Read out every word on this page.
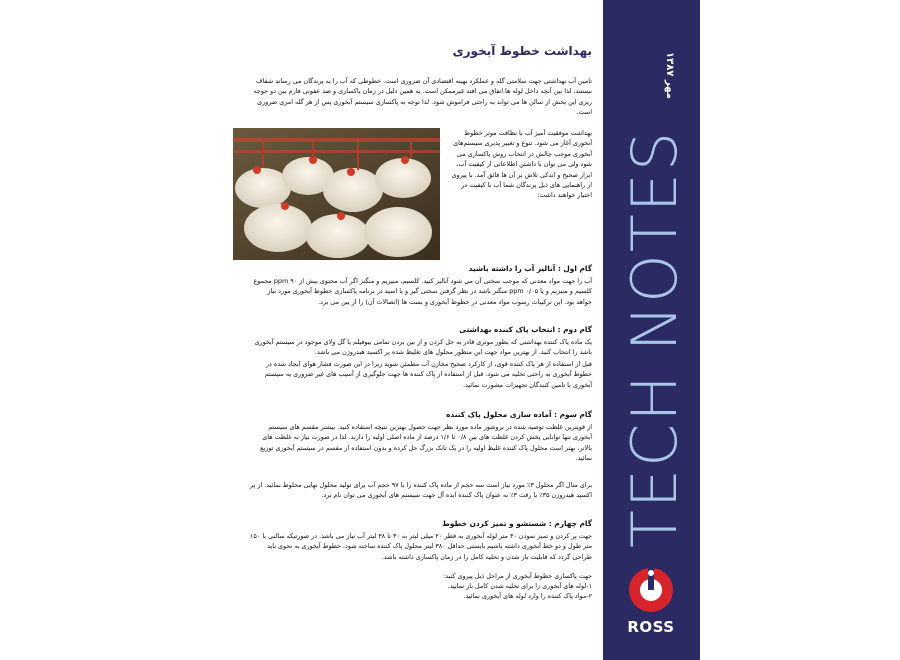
بهداشت خطوط آبخوری

تامین آب بهداشتی جهت سلامتی گله و عملکرد بهینه اقتصادی آن ضروری است. خطوطی که آب را به پرندگان می رساند شفاف نیستند، لذا بین آنچه داخل لوله ها اتفاق می افتد غیرممکن است. به همین دلیل در زمان پاکسازی و ضد عفونی فارم بین دو جوجه ریزی این بخش از سالن ها می تواند به راحتی فراموش شود. لذا توجه به پاکسازی سیستم آبخوری پس از هر گله امری ضروری است.

بهداشت موفقیت آمیز آب با نظافت موثر خطوط آبخوری آغاز می شود. تنوع و تغییر پذیری سیستم‌های آبخوری موجب چالش در انتخاب روش پاکسازی می شود ولی می توان با داشتن اطلاعاتی از کیفیت آب، ابزار صحیح و اندکی تلاش بر آن ها فائق آمد. با پیروی از راهنمایی های ذیل پرندگان شما آب با کیفیت در اختیار خواهند داشت:

گام اول : آنالیز آب را داشته باشید

آب را جهت مواد معدنی که موجب سختی آن می شود آنالیز کنید. کلسیم، منیزیم و منگنز اگر آب محتوی بیش از ۹۰ ppm مجموع کلسیم و منیزیم و یا ۰/۰۵ ppm منگنز باشد در نظر گرفتن سختی گیر و یا اسید در برنامه پاکسازی خطوط آبخوری مورد نیاز خواهد بود. این ترکیبات رسوب مواد معدنی در خطوط آبخوری و بست ها (اتصالات آن) را از بین می برد.

گام دوم : انتخاب پاک کننده بهداشتی

یک ماده پاک کننده بهداشتی که بطور موثری قادر به حل کردن و از بین بردن تمامی بیوفیلم یا گل ولای موجود در سیستم آبخوری باشد را انتخاب کنید. از بهترین مواد جهت این منظور محلول های تغلیظ شده پر اکسید هیدروژن می باشد.

قبل از استفاده از هر پاک کننده قوی، از کارکرد صحیح مخازن آب مطمئن شوید زیرا در این صورت فشار هوای ایجاد شده در خطوط آبخوری به راحتی تخلیه می شود. قبل از استفاده از پاک کننده ها جهت جلوگیری از آسیب های غیر ضروری به سیستم آبخوری با تامین کنندگان تجهیزات مشورت نمائید.

گام سوم : آماده سازی محلول پاک کننده

از قویترین غلظت توصیه شده در بروشور ماده مورد نظر جهت حصول بهترین نتیجه استفاده کنید. بیشتر مقسم های سیستم آبخوری تنها توانایی پخش کردن غلظت های بین ۰/۸ تا ۱/۶ درصد از ماده اصلی اولیه را دارند. لذا در صورت نیاز به غلظت های بالاتر، بهتر است محلول پاک کننده غلیظ اولیه را در یک تانک بزرگ حل کرده و بدون استفاده از مقسم در سیستم آبخوری توزیع نمائید.

برای مثال اگر محلول ۳٪ مورد نیاز است سه حجم از ماده پاک کننده را با ۹۷ حجم آب برای تولید محلول نهایی مخلوط نمائید. از پر اکسید هیدروژن ۳۵٪ یا رقت ۳٪ به عنوان پاک کننده ایده آل جهت سیستم های آبخوری می توان نام برد.

گام چهارم : شستشو و تمیز کردن خطوط

جهت پر کردن و تمیز نمودن ۳۰ متر لوله آبخوری به قطر ۲۰ میلی لیتر به ۳۰ تا ۳۸ لیتر آب نیاز می باشد. در صورتیکه سالنی با ۱۵۰ متر طول و دو خط آبخوری داشته باشیم بایستی حداقل ۳۸۰ لیتر محلول پاک کننده ساخته شود. خطوط آبخوری به نحوی باید طراحی گردد که قابلیت باز شدن و تخلیه کامل را در زمان پاکسازی داشته باشد.

جهت پاکسازی خطوط آبخوری از مراحل ذیل پیروی کنید:

۱-لوله های آبخوری را برای تخلیه شدن کامل باز نمایید.

۲-مواد پاک کننده را وارد لوله های آبخوری نمائید.

مهر ۱۳۸۷
TECH NOTES
ROSS
